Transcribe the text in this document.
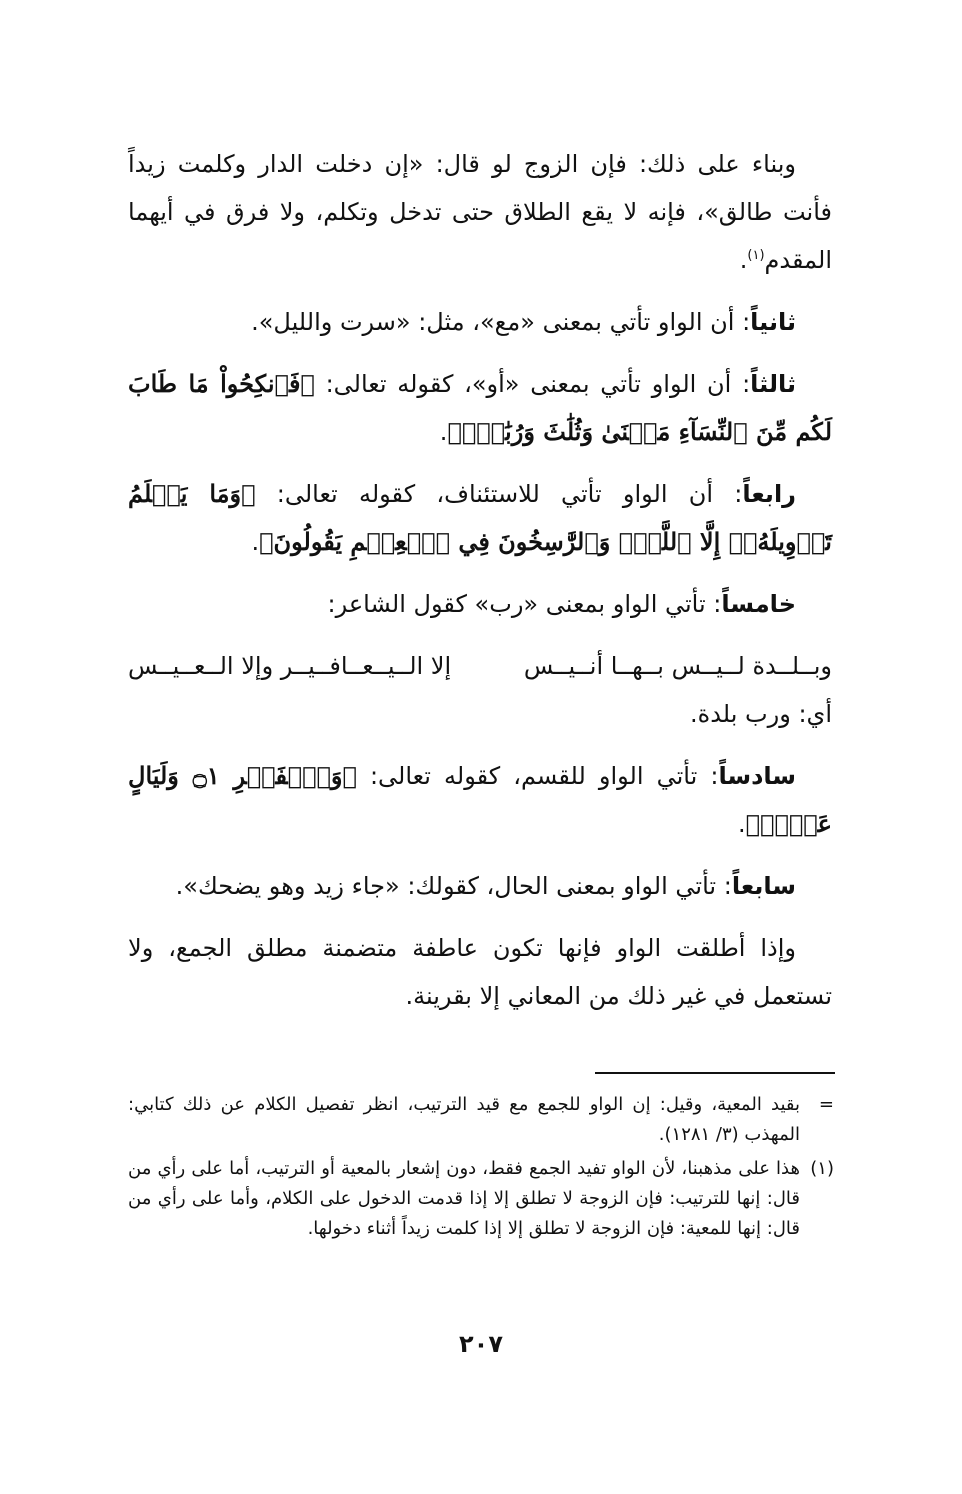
وبناء على ذلك: فإن الزوج لو قال: «إن دخلت الدار وكلمت زيداً فأنت طالق»، فإنه لا يقع الطلاق حتى تدخل وتكلم، ولا فرق في أيهما المقدم$^{(١)}$.

ثانياً: أن الواو تأتي بمعنى «مع»، مثل: «سرت والليل».

ثالثاً: أن الواو تأتي بمعنى «أو»، كقوله تعالى: ﴿فَٱنكِحُواْ مَا طَابَ لَكُم مِّنَ ٱلنِّسَآءِ مَثۡنَىٰ وَثُلَٰثَ وَرُبَٰعَۖ﴾.

رابعاً: أن الواو تأتي للاستئناف، كقوله تعالى: ﴿وَمَا يَعۡلَمُ تَأۡوِيلَهُۥٓ إِلَّا ٱللَّهُۗ وَٱلرَّٰسِخُونَ فِي ٱلۡعِلۡمِ يَقُولُونَ﴾.

خامساً: تأتي الواو بمعنى «رب» كقول الشاعر:

وبــلــدة لــيــس بــهــا أنــيــس
إلا الــيــعــافــيــر وإلا الــعــيــس

أي: ورب بلدة.

سادساً: تأتي الواو للقسم، كقوله تعالى: ﴿وَٱلۡفَجۡرِ ۝١ وَلَيَالٍ عَشۡرٖ﴾.

سابعاً: تأتي الواو بمعنى الحال، كقولك: «جاء زيد وهو يضحك».

وإذا أطلقت الواو فإنها تكون عاطفة متضمنة مطلق الجمع، ولا تستعمل في غير ذلك من المعاني إلا بقرينة.

=
بقيد المعية، وقيل: إن الواو للجمع مع قيد الترتيب، انظر تفصيل الكلام عن ذلك كتابي: المهذب (٣/ ١٢٨١).
(١)
هذا على مذهبنا، لأن الواو تفيد الجمع فقط، دون إشعار بالمعية أو الترتيب، أما على رأي من قال: إنها للترتيب: فإن الزوجة لا تطلق إلا إذا قدمت الدخول على الكلام، وأما على رأي من قال: إنها للمعية: فإن الزوجة لا تطلق إلا إذا كلمت زيداً أثناء دخولها.
٢٠٧
